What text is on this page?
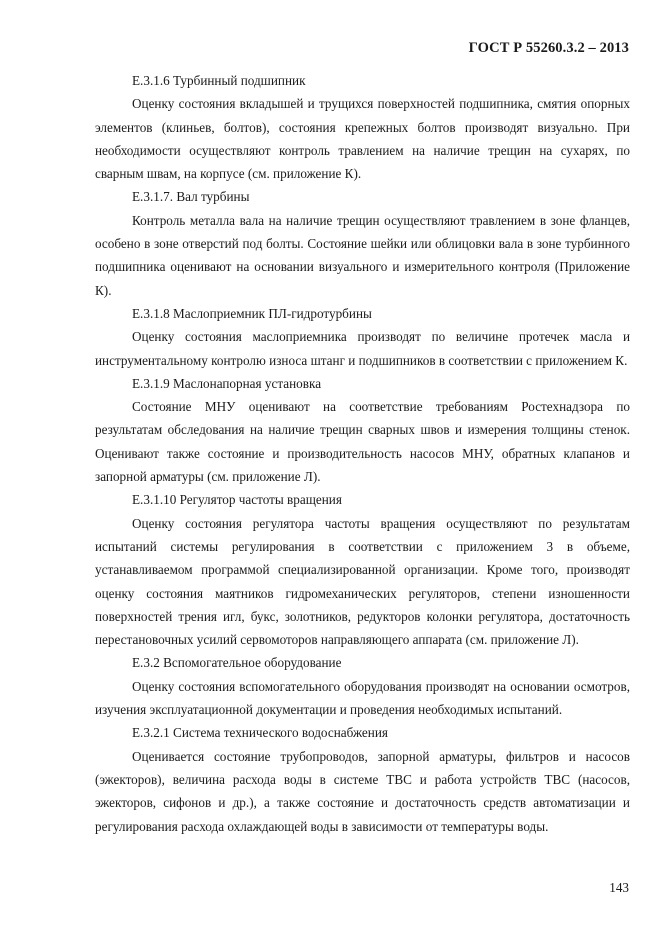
ГОСТ Р 55260.3.2 – 2013

Е.3.1.6 Турбинный подшипник

Оценку состояния вкладышей и трущихся поверхностей подшипника, смятия опорных элементов (клиньев, болтов), состояния крепежных болтов производят визуально. При необходимости осуществляют контроль травлением на наличие трещин на сухарях, по сварным швам, на корпусе (см. приложение К).

Е.3.1.7. Вал турбины

Контроль металла вала на наличие трещин осуществляют травлением в зоне фланцев, особено в зоне отверстий под болты. Состояние шейки или облицовки вала в зоне турбинного подшипника оценивают на основании визуального и измерительного контроля (Приложение К).

Е.3.1.8 Маслоприемник ПЛ-гидротурбины

Оценку состояния маслоприемника производят по величине протечек масла и инструментальному контролю износа штанг и подшипников в соответствии с приложением К.

Е.3.1.9 Маслонапорная установка

Состояние МНУ оценивают на соответствие требованиям Ростехнадзора по результатам обследования на наличие трещин сварных швов и измерения толщины стенок. Оценивают также состояние и производительность насосов МНУ, обратных клапанов и запорной арматуры (см. приложение Л).

Е.3.1.10 Регулятор частоты вращения

Оценку состояния регулятора частоты вращения осуществляют по результатам испытаний системы регулирования в соответствии с приложением 3 в объеме, устанавливаемом программой специализированной организации. Кроме того, производят оценку состояния маятников гидромеханических регуляторов, степени изношенности поверхностей трения игл, букс, золотников, редукторов колонки регулятора, достаточность перестановочных усилий сервомоторов направляющего аппарата (см. приложение Л).

Е.3.2 Вспомогательное оборудование

Оценку состояния вспомогательного оборудования производят на основании осмотров, изучения эксплуатационной документации и проведения необходимых испытаний.

Е.3.2.1 Система технического водоснабжения

Оценивается состояние трубопроводов, запорной арматуры, фильтров и насосов (эжекторов), величина расхода воды в системе ТВС и работа устройств ТВС (насосов, эжекторов, сифонов и др.), а также состояние и достаточность средств автоматизации и регулирования расхода охлаждающей воды в зависимости от температуры воды.

143
